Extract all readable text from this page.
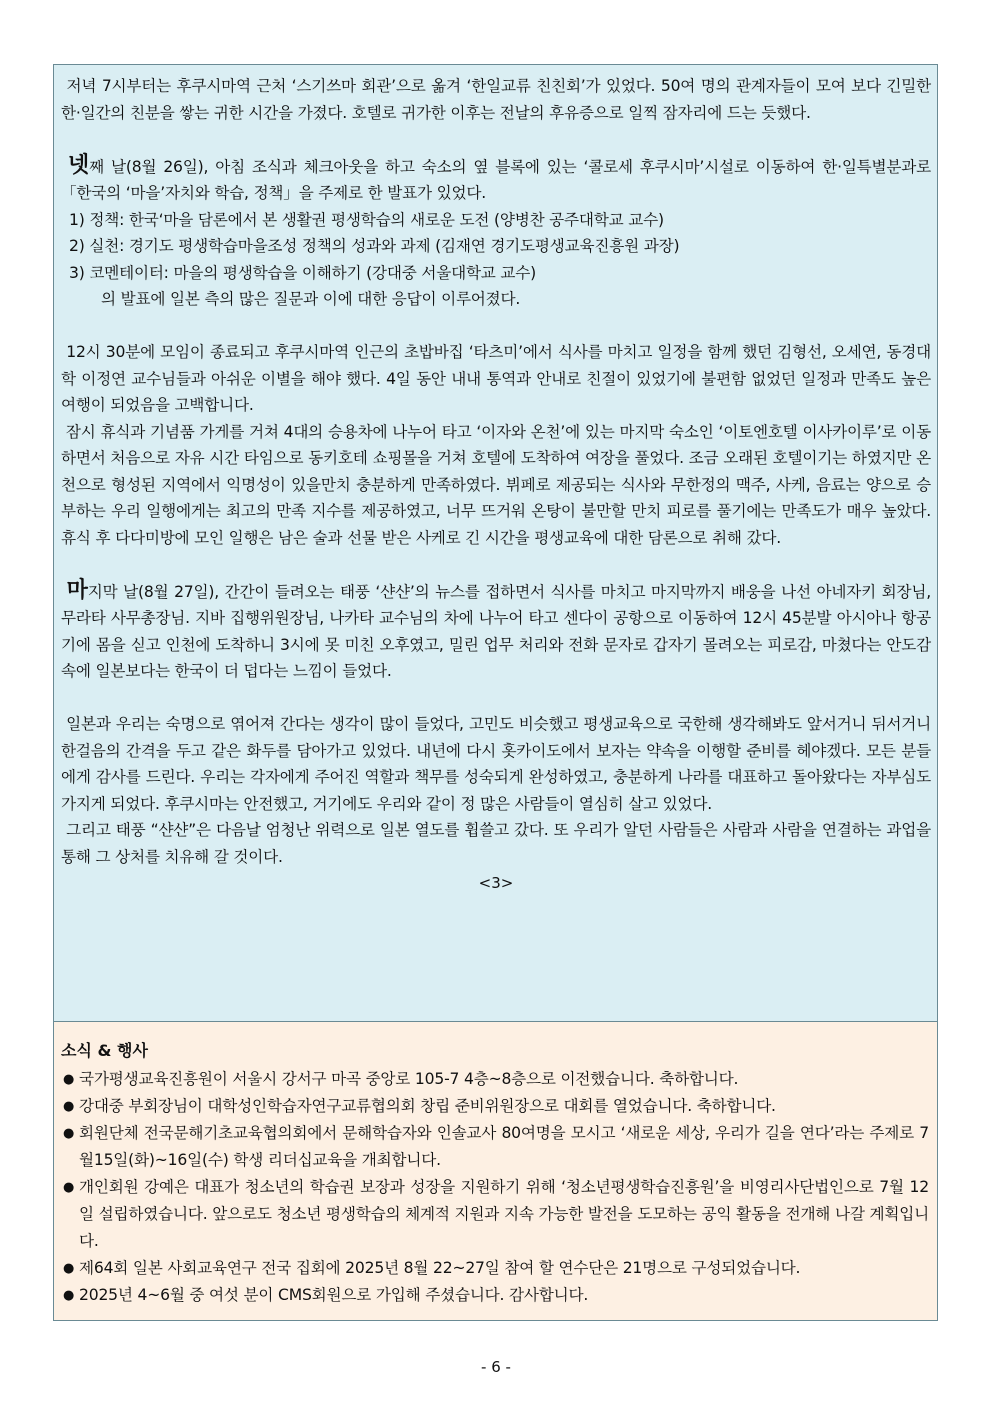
저녁 7시부터는 후쿠시마역 근처 ‘스기쓰마 회관’으로 옮겨 ‘한일교류 친친회’가 있었다. 50여 명의 관계자들이 모여 보다 긴밀한 한·일간의 친분을 쌓는 귀한 시간을 가졌다. 호텔로 귀가한 이후는 전날의 후유증으로 일찍 잠자리에 드는 듯했다.

넷째 날(8월 26일), 아침 조식과 체크아웃을 하고 숙소의 옆 블록에 있는 ‘콜로세 후쿠시마’시설로 이동하여 한·일특별분과로 「한국의 ‘마을’자치와 학습, 정책」을 주제로 한 발표가 있었다.

1) 정책: 한국‘마을 담론에서 본 생활권 평생학습의 새로운 도전 (양병찬 공주대학교 교수)

2) 실천: 경기도 평생학습마을조성 정책의 성과와 과제 (김재연 경기도평생교육진흥원 과장)

3) 코멘테이터: 마을의 평생학습을 이해하기 (강대중 서울대학교 교수)

의 발표에 일본 측의 많은 질문과 이에 대한 응답이 이루어졌다.

12시 30분에 모임이 종료되고 후쿠시마역 인근의 초밥바집 ‘타츠미’에서 식사를 마치고 일정을 함께 했던 김형선, 오세연, 동경대학 이정연 교수님들과 아쉬운 이별을 해야 했다. 4일 동안 내내 통역과 안내로 친절이 있었기에 불편함 없었던 일정과 만족도 높은 여행이 되었음을 고백합니다.

잠시 휴식과 기념품 가게를 거쳐 4대의 승용차에 나누어 타고 ‘이자와 온천’에 있는 마지막 숙소인 ‘이토엔호텔 이사카이루’로 이동하면서 처음으로 자유 시간 타임으로 동키호테 쇼핑몰을 거쳐 호텔에 도착하여 여장을 풀었다. 조금 오래된 호텔이기는 하였지만 온천으로 형성된 지역에서 익명성이 있을만치 충분하게 만족하였다. 뷔페로 제공되는 식사와 무한정의 맥주, 사케, 음료는 양으로 승부하는 우리 일행에게는 최고의 만족 지수를 제공하였고, 너무 뜨거워 온탕이 불만할 만치 피로를 풀기에는 만족도가 매우 높았다. 휴식 후 다다미방에 모인 일행은 남은 술과 선물 받은 사케로 긴 시간을 평생교육에 대한 담론으로 취해 갔다.

마지막 날(8월 27일), 간간이 들려오는 태풍 ‘샨샨’의 뉴스를 접하면서 식사를 마치고 마지막까지 배웅을 나선 아네자키 회장님, 무라타 사무총장님. 지바 집행위원장님, 나카타 교수님의 차에 나누어 타고 센다이 공항으로 이동하여 12시 45분발 아시아나 항공기에 몸을 싣고 인천에 도착하니 3시에 못 미친 오후였고, 밀린 업무 처리와 전화 문자로 갑자기 몰려오는 피로감, 마쳤다는 안도감 속에 일본보다는 한국이 더 덥다는 느낌이 들었다.

일본과 우리는 숙명으로 엮어져 간다는 생각이 많이 들었다, 고민도 비슷했고 평생교육으로 국한해 생각해봐도 앞서거니 뒤서거니 한걸음의 간격을 두고 같은 화두를 담아가고 있었다. 내년에 다시 홋카이도에서 보자는 약속을 이행할 준비를 헤야겠다. 모든 분들에게 감사를 드린다. 우리는 각자에게 주어진 역할과 책무를 성숙되게 완성하였고, 충분하게 나라를 대표하고 돌아왔다는 자부심도 가지게 되었다. 후쿠시마는 안전했고, 거기에도 우리와 같이 정 많은 사람들이 열심히 살고 있었다.

그리고 태풍 “샨샨”은 다음날 엄청난 위력으로 일본 열도를 휩쓸고 갔다. 또 우리가 알던 사람들은 사람과 사람을 연결하는 과업을 통해 그 상처를 치유해 갈 것이다.

<3>
소식 & 행사
● 국가평생교육진흥원이 서울시 강서구 마곡 중앙로 105-7 4층~8층으로 이전했습니다. 축하합니다.
● 강대중 부회장님이 대학성인학습자연구교류협의회 창립 준비위원장으로 대회를 열었습니다. 축하합니다.
● 회원단체 전국문해기초교육협의회에서 문해학습자와 인솔교사 80여명을 모시고 ‘새로운 세상, 우리가 길을 연다’라는 주제로 7월15일(화)~16일(수) 학생 리더십교육을 개최합니다.
● 개인회원 강예은 대표가 청소년의 학습권 보장과 성장을 지원하기 위해 ‘청소년평생학습진흥원’을 비영리사단법인으로 7월 12일 설립하였습니다. 앞으로도 청소년 평생학습의 체계적 지원과 지속 가능한 발전을 도모하는 공익 활동을 전개해 나갈 계획입니다.
● 제64회 일본 사회교육연구 전국 집회에 2025년 8월 22~27일 참여 할 연수단은 21명으로 구성되었습니다.
● 2025년 4~6월 중 여섯 분이 CMS회원으로 가입해 주셨습니다. 감사합니다.
- 6 -
